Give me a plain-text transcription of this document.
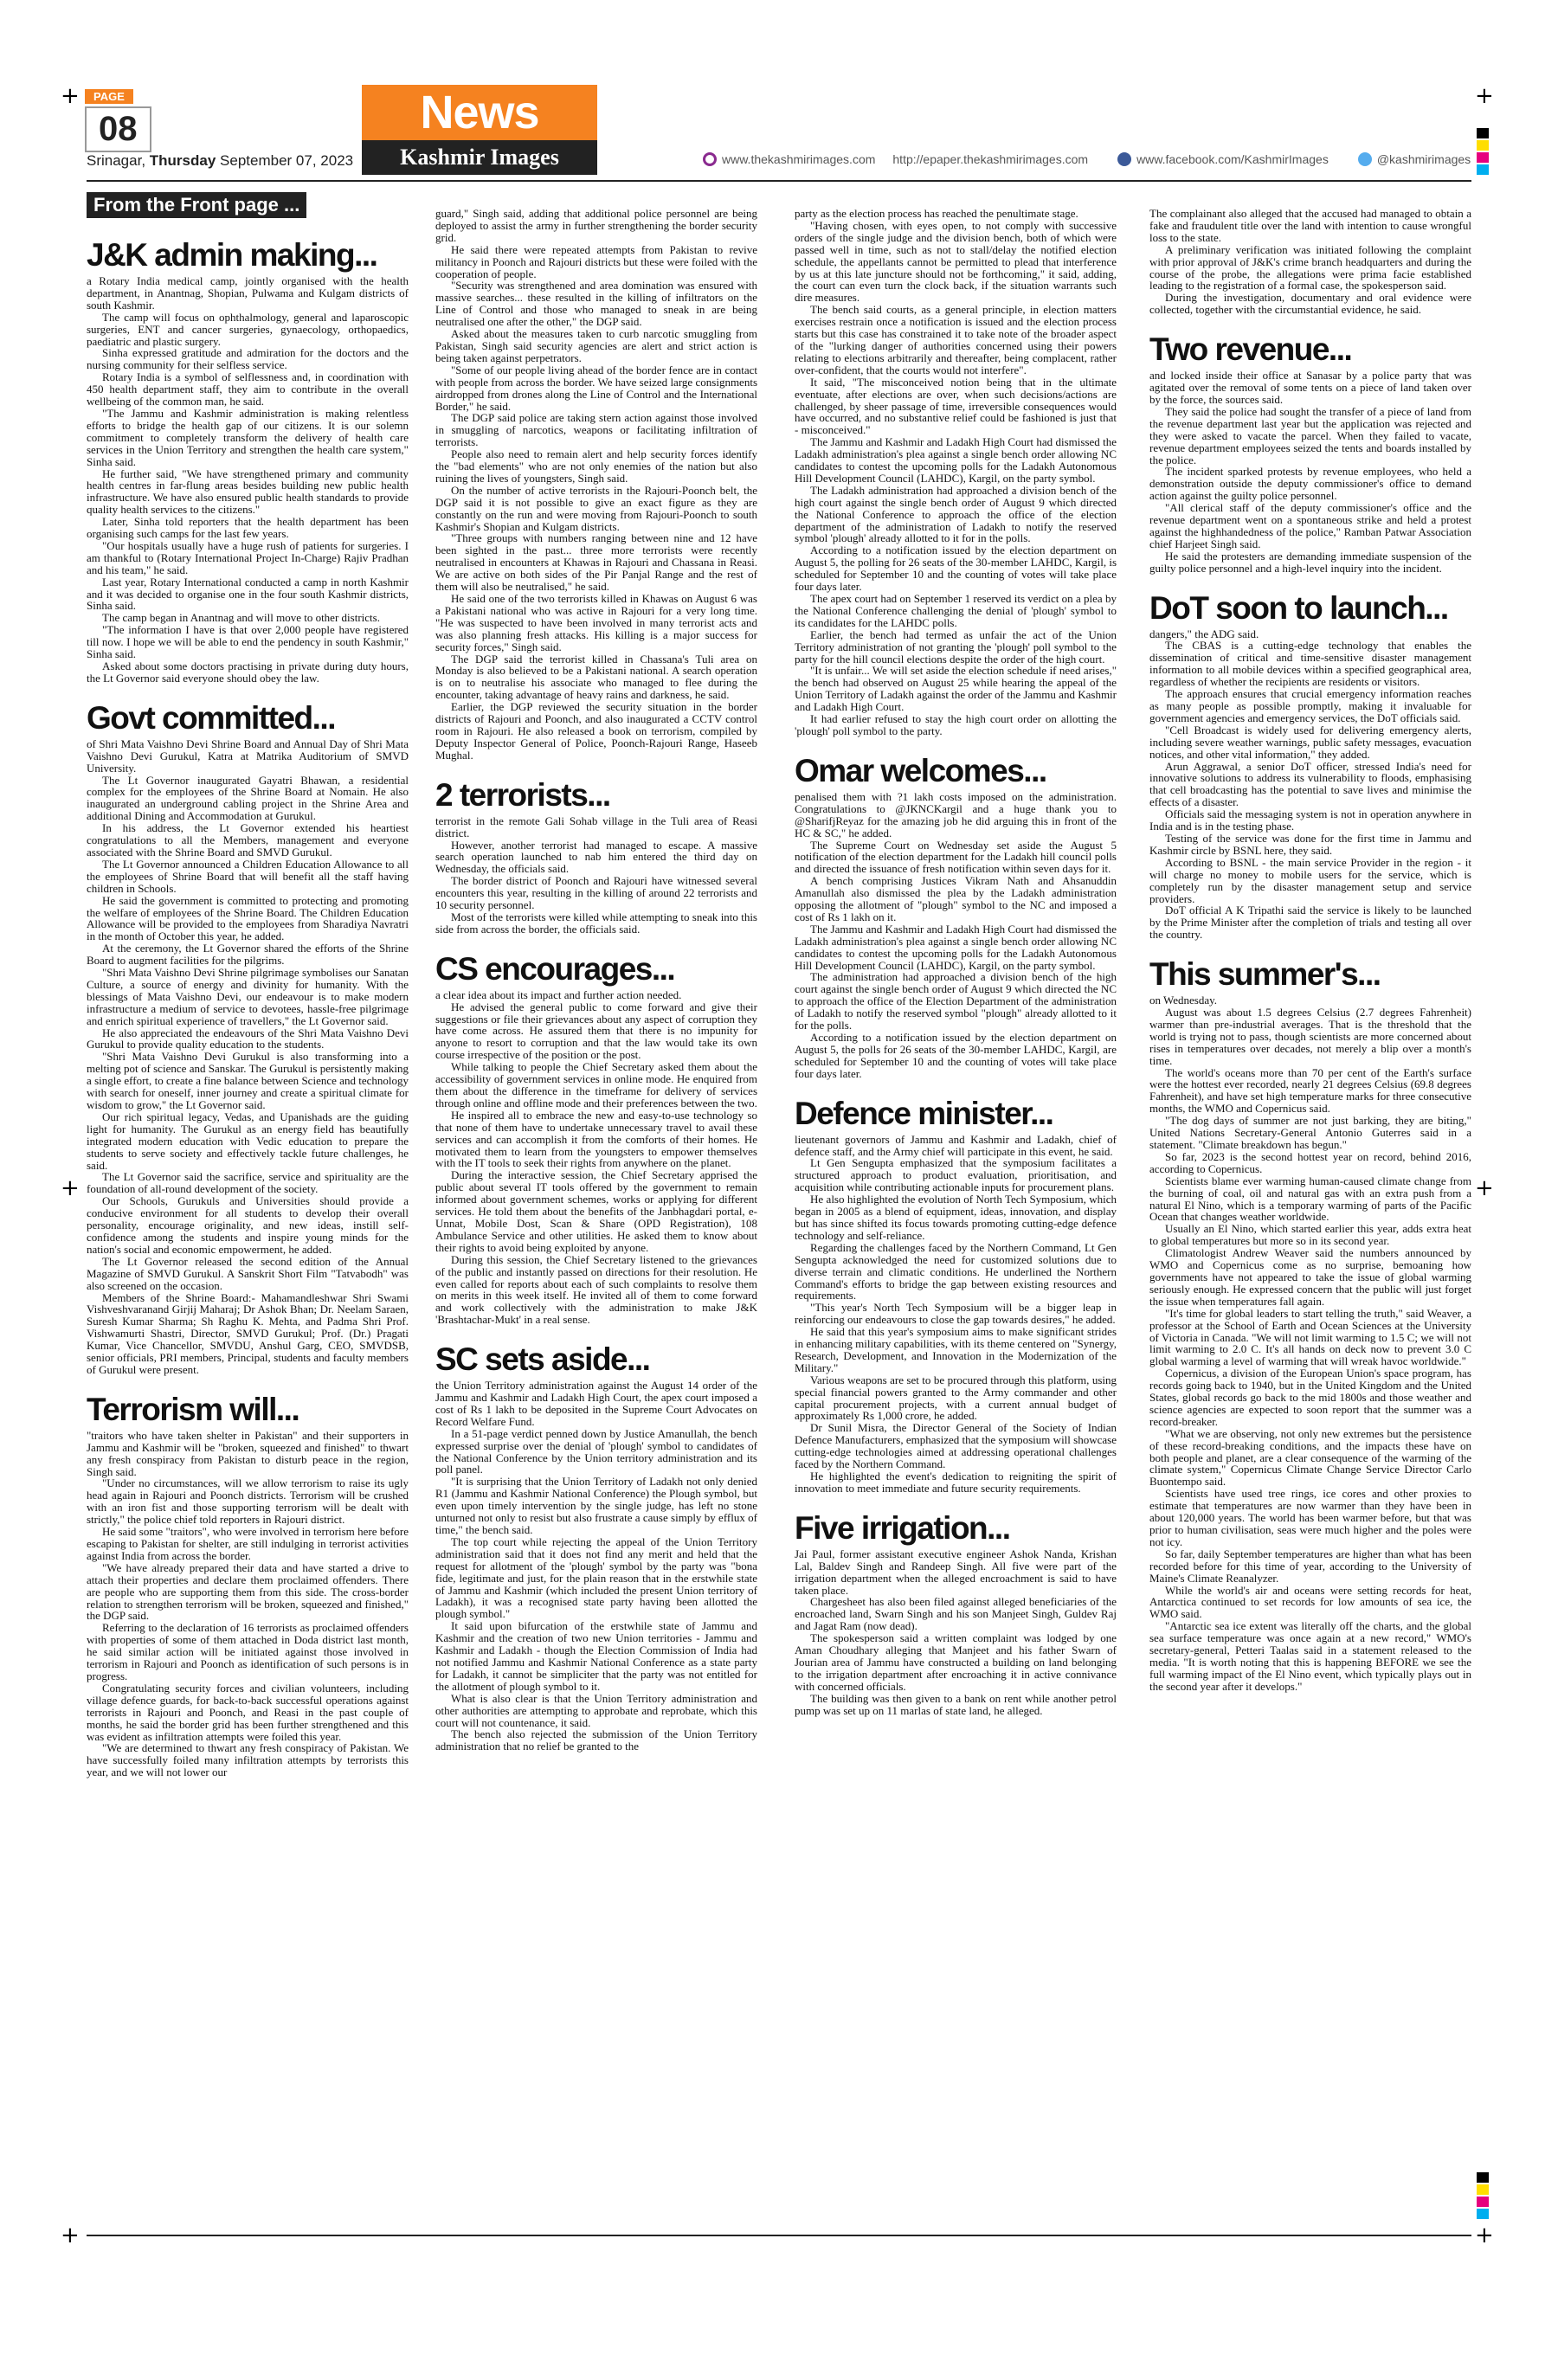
+	+
+	+
+	+
PAGE
08
Srinagar, Thursday September 07, 2023
News
Kashmir Images	www.thekashmirimages.com http://epaper.thekashmirimages.com	www.facebook.com/KashmirImages	@kashmirimages
From the Front page ...
J&K admin making...

a Rotary India medical camp, jointly organised with the health department, in Anantnag, Shopian, Pulwama and Kulgam districts of south Kashmir.

The camp will focus on ophthalmology, general and laparoscopic surgeries, ENT and cancer surgeries, gynaecology, orthopaedics, paediatric and plastic surgery.

Sinha expressed gratitude and admiration for the doctors and the nursing community for their selfless service.

Rotary India is a symbol of selflessness and, in coordination with 450 health department staff, they aim to contribute in the overall wellbeing of the common man, he said.

"The Jammu and Kashmir administration is making relentless efforts to bridge the health gap of our citizens. It is our solemn commitment to completely transform the delivery of health care services in the Union Territory and strengthen the health care system," Sinha said.

He further said, "We have strengthened primary and community health centres in far-flung areas besides building new public health infrastructure. We have also ensured public health standards to provide quality health services to the citizens."

Later, Sinha told reporters that the health department has been organising such camps for the last few years.

"Our hospitals usually have a huge rush of patients for surgeries. I am thankful to (Rotary International Project In-Charge) Rajiv Pradhan and his team," he said.

Last year, Rotary International conducted a camp in north Kashmir and it was decided to organise one in the four south Kashmir districts, Sinha said.

The camp began in Anantnag and will move to other districts.

"The information I have is that over 2,000 people have registered till now. I hope we will be able to end the pendency in south Kashmir," Sinha said.

Asked about some doctors practising in private during duty hours, the Lt Governor said everyone should obey the law.

Govt committed...

of Shri Mata Vaishno Devi Shrine Board and Annual Day of Shri Mata Vaishno Devi Gurukul, Katra at Matrika Auditorium of SMVD University.

The Lt Governor inaugurated Gayatri Bhawan, a residential complex for the employees of the Shrine Board at Nomain. He also inaugurated an underground cabling project in the Shrine Area and additional Dining and Accommodation at Gurukul.

In his address, the Lt Governor extended his heartiest congratulations to all the Members, management and everyone associated with the Shrine Board and SMVD Gurukul.

The Lt Governor announced a Children Education Allowance to all the employees of Shrine Board that will benefit all the staff having children in Schools.

He said the government is committed to protecting and promoting the welfare of employees of the Shrine Board. The Children Education Allowance will be provided to the employees from Sharadiya Navratri in the month of October this year, he added.

At the ceremony, the Lt Governor shared the efforts of the Shrine Board to augment facilities for the pilgrims.

"Shri Mata Vaishno Devi Shrine pilgrimage symbolises our Sanatan Culture, a source of energy and divinity for humanity. With the blessings of Mata Vaishno Devi, our endeavour is to make modern infrastructure a medium of service to devotees, hassle-free pilgrimage and enrich spiritual experience of travellers," the Lt Governor said.

He also appreciated the endeavours of the Shri Mata Vaishno Devi Gurukul to provide quality education to the students.

"Shri Mata Vaishno Devi Gurukul is also transforming into a melting pot of science and Sanskar. The Gurukul is persistently making a single effort, to create a fine balance between Science and technology with search for oneself, inner journey and create a spiritual climate for wisdom to grow," the Lt Governor said.

Our rich spiritual legacy, Vedas, and Upanishads are the guiding light for humanity. The Gurukul as an energy field has beautifully integrated modern education with Vedic education to prepare the students to serve society and effectively tackle future challenges, he said.

The Lt Governor said the sacrifice, service and spirituality are the foundation of all-round development of the society.

Our Schools, Gurukuls and Universities should provide a conducive environment for all students to develop their overall personality, encourage originality, and new ideas, instill self-confidence among the students and inspire young minds for the nation's social and economic empowerment, he added.

The Lt Governor released the second edition of the Annual Magazine of SMVD Gurukul. A Sanskrit Short Film "Tatvabodh" was also screened on the occasion.

Members of the Shrine Board:- Mahamandleshwar Shri Swami Vishveshvaranand Girjij Maharaj; Dr Ashok Bhan; Dr. Neelam Saraen, Suresh Kumar Sharma; Sh Raghu K. Mehta, and Padma Shri Prof. Vishwamurti Shastri, Director, SMVD Gurukul; Prof. (Dr.) Pragati Kumar, Vice Chancellor, SMVDU, Anshul Garg, CEO, SMVDSB, senior officials, PRI members, Principal, students and faculty members of Gurukul were present.

Terrorism will...

"traitors who have taken shelter in Pakistan" and their supporters in Jammu and Kashmir will be "broken, squeezed and finished" to thwart any fresh conspiracy from Pakistan to disturb peace in the region, Singh said.

"Under no circumstances, will we allow terrorism to raise its ugly head again in Rajouri and Poonch districts. Terrorism will be crushed with an iron fist and those supporting terrorism will be dealt with strictly," the police chief told reporters in Rajouri district.

He said some "traitors", who were involved in terrorism here before escaping to Pakistan for shelter, are still indulging in terrorist activities against India from across the border.

"We have already prepared their data and have started a drive to attach their properties and declare them proclaimed offenders. There are people who are supporting them from this side. The cross-border relation to strengthen terrorism will be broken, squeezed and finished," the DGP said.

Referring to the declaration of 16 terrorists as proclaimed offenders with properties of some of them attached in Doda district last month, he said similar action will be initiated against those involved in terrorism in Rajouri and Poonch as identification of such persons is in progress.

Congratulating security forces and civilian volunteers, including village defence guards, for back-to-back successful operations against terrorists in Rajouri and Poonch, and Reasi in the past couple of months, he said the border grid has been further strengthened and this was evident as infiltration attempts were foiled this year.

"We are determined to thwart any fresh conspiracy of Pakistan. We have successfully foiled many infiltration attempts by terrorists this year, and we will not lower our

guard," Singh said, adding that additional police personnel are being deployed to assist the army in further strengthening the border security grid.

He said there were repeated attempts from Pakistan to revive militancy in Poonch and Rajouri districts but these were foiled with the cooperation of people.

"Security was strengthened and area domination was ensured with massive searches... these resulted in the killing of infiltrators on the Line of Control and those who managed to sneak in are being neutralised one after the other," the DGP said.

Asked about the measures taken to curb narcotic smuggling from Pakistan, Singh said security agencies are alert and strict action is being taken against perpetrators.

"Some of our people living ahead of the border fence are in contact with people from across the border. We have seized large consignments airdropped from drones along the Line of Control and the International Border," he said.

The DGP said police are taking stern action against those involved in smuggling of narcotics, weapons or facilitating infiltration of terrorists.

People also need to remain alert and help security forces identify the "bad elements" who are not only enemies of the nation but also ruining the lives of youngsters, Singh said.

On the number of active terrorists in the Rajouri-Poonch belt, the DGP said it is not possible to give an exact figure as they are constantly on the run and were moving from Rajouri-Poonch to south Kashmir's Shopian and Kulgam districts.

"Three groups with numbers ranging between nine and 12 have been sighted in the past... three more terrorists were recently neutralised in encounters at Khawas in Rajouri and Chassana in Reasi. We are active on both sides of the Pir Panjal Range and the rest of them will also be neutralised," he said.

He said one of the two terrorists killed in Khawas on August 6 was a Pakistani national who was active in Rajouri for a very long time. "He was suspected to have been involved in many terrorist acts and was also planning fresh attacks. His killing is a major success for security forces," Singh said.

The DGP said the terrorist killed in Chassana's Tuli area on Monday is also believed to be a Pakistani national. A search operation is on to neutralise his associate who managed to flee during the encounter, taking advantage of heavy rains and darkness, he said.

Earlier, the DGP reviewed the security situation in the border districts of Rajouri and Poonch, and also inaugurated a CCTV control room in Rajouri. He also released a book on terrorism, compiled by Deputy Inspector General of Police, Poonch-Rajouri Range, Haseeb Mughal.

2 terrorists...

terrorist in the remote Gali Sohab village in the Tuli area of Reasi district.

However, another terrorist had managed to escape. A massive search operation launched to nab him entered the third day on Wednesday, the officials said.

The border district of Poonch and Rajouri have witnessed several encounters this year, resulting in the killing of around 22 terrorists and 10 security personnel.

Most of the terrorists were killed while attempting to sneak into this side from across the border, the officials said.

CS encourages...

a clear idea about its impact and further action needed.

He advised the general public to come forward and give their suggestions or file their grievances about any aspect of corruption they have come across. He assured them that there is no impunity for anyone to resort to corruption and that the law would take its own course irrespective of the position or the post.

While talking to people the Chief Secretary asked them about the accessibility of government services in online mode. He enquired from them about the difference in the timeframe for delivery of services through online and offline mode and their preferences between the two.

He inspired all to embrace the new and easy-to-use technology so that none of them have to undertake unnecessary travel to avail these services and can accomplish it from the comforts of their homes. He motivated them to learn from the youngsters to empower themselves with the IT tools to seek their rights from anywhere on the planet.

During the interactive session, the Chief Secretary apprised the public about several IT tools offered by the government to remain informed about government schemes, works or applying for different services. He told them about the benefits of the Janbhagdari portal, e-Unnat, Mobile Dost, Scan & Share (OPD Registration), 108 Ambulance Service and other utilities. He asked them to know about their rights to avoid being exploited by anyone.

During this session, the Chief Secretary listened to the grievances of the public and instantly passed on directions for their resolution. He even called for reports about each of such complaints to resolve them on merits in this week itself. He invited all of them to come forward and work collectively with the administration to make J&K 'Brashtachar-Mukt' in a real sense.

SC sets aside...

the Union Territory administration against the August 14 order of the Jammu and Kashmir and Ladakh High Court, the apex court imposed a cost of Rs 1 lakh to be deposited in the Supreme Court Advocates on Record Welfare Fund.

In a 51-page verdict penned down by Justice Amanullah, the bench expressed surprise over the denial of 'plough' symbol to candidates of the National Conference by the Union territory administration and its poll panel.

"It is surprising that the Union Territory of Ladakh not only denied R1 (Jammu and Kashmir National Conference) the Plough symbol, but even upon timely intervention by the single judge, has left no stone unturned not only to resist but also frustrate a cause simply by efflux of time," the bench said.

The top court while rejecting the appeal of the Union Territory administration said that it does not find any merit and held that the request for allotment of the 'plough' symbol by the party was "bona fide, legitimate and just, for the plain reason that in the erstwhile state of Jammu and Kashmir (which included the present Union territory of Ladakh), it was a recognised state party having been allotted the plough symbol."

It said upon bifurcation of the erstwhile state of Jammu and Kashmir and the creation of two new Union territories - Jammu and Kashmir and Ladakh - though the Election Commission of India had not notified Jammu and Kashmir National Conference as a state party for Ladakh, it cannot be simpliciter that the party was not entitled for the allotment of plough symbol to it.

What is also clear is that the Union Territory administration and other authorities are attempting to approbate and reprobate, which this court will not countenance, it said.

The bench also rejected the submission of the Union Territory administration that no relief be granted to the

party as the election process has reached the penultimate stage.

"Having chosen, with eyes open, to not comply with successive orders of the single judge and the division bench, both of which were passed well in time, such as not to stall/delay the notified election schedule, the appellants cannot be permitted to plead that interference by us at this late juncture should not be forthcoming," it said, adding, the court can even turn the clock back, if the situation warrants such dire measures.

The bench said courts, as a general principle, in election matters exercises restrain once a notification is issued and the election process starts but this case has constrained it to take note of the broader aspect of the "lurking danger of authorities concerned using their powers relating to elections arbitrarily and thereafter, being complacent, rather over-confident, that the courts would not interfere".

It said, "The misconceived notion being that in the ultimate eventuate, after elections are over, when such decisions/actions are challenged, by sheer passage of time, irreversible consequences would have occurred, and no substantive relief could be fashioned is just that - misconceived."

The Jammu and Kashmir and Ladakh High Court had dismissed the Ladakh administration's plea against a single bench order allowing NC candidates to contest the upcoming polls for the Ladakh Autonomous Hill Development Council (LAHDC), Kargil, on the party symbol.

The Ladakh administration had approached a division bench of the high court against the single bench order of August 9 which directed the National Conference to approach the office of the election department of the administration of Ladakh to notify the reserved symbol 'plough' already allotted to it for in the polls.

According to a notification issued by the election department on August 5, the polling for 26 seats of the 30-member LAHDC, Kargil, is scheduled for September 10 and the counting of votes will take place four days later.

The apex court had on September 1 reserved its verdict on a plea by the National Conference challenging the denial of 'plough' symbol to its candidates for the LAHDC polls.

Earlier, the bench had termed as unfair the act of the Union Territory administration of not granting the 'plough' poll symbol to the party for the hill council elections despite the order of the high court.

"It is unfair... We will set aside the election schedule if need arises," the bench had observed on August 25 while hearing the appeal of the Union Territory of Ladakh against the order of the Jammu and Kashmir and Ladakh High Court.

It had earlier refused to stay the high court order on allotting the 'plough' poll symbol to the party.

Omar welcomes...

penalised them with ?1 lakh costs imposed on the administration. Congratulations to @JKNCKargil and a huge thank you to @SharifjReyaz for the amazing job he did arguing this in front of the HC & SC," he added.

The Supreme Court on Wednesday set aside the August 5 notification of the election department for the Ladakh hill council polls and directed the issuance of fresh notification within seven days for it.

A bench comprising Justices Vikram Nath and Ahsanuddin Amanullah also dismissed the plea by the Ladakh administration opposing the allotment of "plough" symbol to the NC and imposed a cost of Rs 1 lakh on it.

The Jammu and Kashmir and Ladakh High Court had dismissed the Ladakh administration's plea against a single bench order allowing NC candidates to contest the upcoming polls for the Ladakh Autonomous Hill Development Council (LAHDC), Kargil, on the party symbol.

The administration had approached a division bench of the high court against the single bench order of August 9 which directed the NC to approach the office of the Election Department of the administration of Ladakh to notify the reserved symbol "plough" already allotted to it for the polls.

According to a notification issued by the election department on August 5, the polls for 26 seats of the 30-member LAHDC, Kargil, are scheduled for September 10 and the counting of votes will take place four days later.

Defence minister...

lieutenant governors of Jammu and Kashmir and Ladakh, chief of defence staff, and the Army chief will participate in this event, he said.

Lt Gen Sengupta emphasized that the symposium facilitates a structured approach to product evaluation, prioritisation, and acquisition while contributing actionable inputs for procurement plans.

He also highlighted the evolution of North Tech Symposium, which began in 2005 as a blend of equipment, ideas, innovation, and display but has since shifted its focus towards promoting cutting-edge defence technology and self-reliance.

Regarding the challenges faced by the Northern Command, Lt Gen Sengupta acknowledged the need for customized solutions due to diverse terrain and climatic conditions. He underlined the Northern Command's efforts to bridge the gap between existing resources and requirements.

"This year's North Tech Symposium will be a bigger leap in reinforcing our endeavours to close the gap towards desires," he added.

He said that this year's symposium aims to make significant strides in enhancing military capabilities, with its theme centered on "Synergy, Research, Development, and Innovation in the Modernization of the Military."

Various weapons are set to be procured through this platform, using special financial powers granted to the Army commander and other capital procurement projects, with a current annual budget of approximately Rs 1,000 crore, he added.

Dr Sunil Misra, the Director General of the Society of Indian Defence Manufacturers, emphasized that the symposium will showcase cutting-edge technologies aimed at addressing operational challenges faced by the Northern Command.

He highlighted the event's dedication to reigniting the spirit of innovation to meet immediate and future security requirements.

Five irrigation...

Jai Paul, former assistant executive engineer Ashok Nanda, Krishan Lal, Baldev Singh and Randeep Singh. All five were part of the irrigation department when the alleged encroachment is said to have taken place.

Chargesheet has also been filed against alleged beneficiaries of the encroached land, Swarn Singh and his son Manjeet Singh, Guldev Raj and Jagat Ram (now dead).

The spokesperson said a written complaint was lodged by one Aman Choudhary alleging that Manjeet and his father Swarn of Jourian area of Jammu have constructed a building on land belonging to the irrigation department after encroaching it in active connivance with concerned officials.

The building was then given to a bank on rent while another petrol pump was set up on 11 marlas of state land, he alleged.

The complainant also alleged that the accused had managed to obtain a fake and fraudulent title over the land with intention to cause wrongful loss to the state.

A preliminary verification was initiated following the complaint with prior approval of J&K's crime branch headquarters and during the course of the probe, the allegations were prima facie established leading to the registration of a formal case, the spokesperson said.

During the investigation, documentary and oral evidence were collected, together with the circumstantial evidence, he said.

Two revenue...

and locked inside their office at Sanasar by a police party that was agitated over the removal of some tents on a piece of land taken over by the force, the sources said.

They said the police had sought the transfer of a piece of land from the revenue department last year but the application was rejected and they were asked to vacate the parcel. When they failed to vacate, revenue department employees seized the tents and boards installed by the police.

The incident sparked protests by revenue employees, who held a demonstration outside the deputy commissioner's office to demand action against the guilty police personnel.

"All clerical staff of the deputy commissioner's office and the revenue department went on a spontaneous strike and held a protest against the highhandedness of the police," Ramban Patwar Association chief Harjeet Singh said.

He said the protesters are demanding immediate suspension of the guilty police personnel and a high-level inquiry into the incident.

DoT soon to launch...

dangers," the ADG said.

The CBAS is a cutting-edge technology that enables the dissemination of critical and time-sensitive disaster management information to all mobile devices within a specified geographical area, regardless of whether the recipients are residents or visitors.

The approach ensures that crucial emergency information reaches as many people as possible promptly, making it invaluable for government agencies and emergency services, the DoT officials said.

"Cell Broadcast is widely used for delivering emergency alerts, including severe weather warnings, public safety messages, evacuation notices, and other vital information," they added.

Arun Aggrawal, a senior DoT officer, stressed India's need for innovative solutions to address its vulnerability to floods, emphasising that cell broadcasting has the potential to save lives and minimise the effects of a disaster.

Officials said the messaging system is not in operation anywhere in India and is in the testing phase.

Testing of the service was done for the first time in Jammu and Kashmir circle by BSNL here, they said.

According to BSNL - the main service Provider in the region - it will charge no money to mobile users for the service, which is completely run by the disaster management setup and service providers.

DoT official A K Tripathi said the service is likely to be launched by the Prime Minister after the completion of trials and testing all over the country.

This summer's...

on Wednesday.

August was about 1.5 degrees Celsius (2.7 degrees Fahrenheit) warmer than pre-industrial averages. That is the threshold that the world is trying not to pass, though scientists are more concerned about rises in temperatures over decades, not merely a blip over a month's time.

The world's oceans more than 70 per cent of the Earth's surface were the hottest ever recorded, nearly 21 degrees Celsius (69.8 degrees Fahrenheit), and have set high temperature marks for three consecutive months, the WMO and Copernicus said.

"The dog days of summer are not just barking, they are biting," United Nations Secretary-General Antonio Guterres said in a statement. "Climate breakdown has begun."

So far, 2023 is the second hottest year on record, behind 2016, according to Copernicus.

Scientists blame ever warming human-caused climate change from the burning of coal, oil and natural gas with an extra push from a natural El Nino, which is a temporary warming of parts of the Pacific Ocean that changes weather worldwide.

Usually an El Nino, which started earlier this year, adds extra heat to global temperatures but more so in its second year.

Climatologist Andrew Weaver said the numbers announced by WMO and Copernicus come as no surprise, bemoaning how governments have not appeared to take the issue of global warming seriously enough. He expressed concern that the public will just forget the issue when temperatures fall again.

"It's time for global leaders to start telling the truth," said Weaver, a professor at the School of Earth and Ocean Sciences at the University of Victoria in Canada. "We will not limit warming to 1.5 C; we will not limit warming to 2.0 C. It's all hands on deck now to prevent 3.0 C global warming a level of warming that will wreak havoc worldwide."

Copernicus, a division of the European Union's space program, has records going back to 1940, but in the United Kingdom and the United States, global records go back to the mid 1800s and those weather and science agencies are expected to soon report that the summer was a record-breaker.

"What we are observing, not only new extremes but the persistence of these record-breaking conditions, and the impacts these have on both people and planet, are a clear consequence of the warming of the climate system," Copernicus Climate Change Service Director Carlo Buontempo said.

Scientists have used tree rings, ice cores and other proxies to estimate that temperatures are now warmer than they have been in about 120,000 years. The world has been warmer before, but that was prior to human civilisation, seas were much higher and the poles were not icy.

So far, daily September temperatures are higher than what has been recorded before for this time of year, according to the University of Maine's Climate Reanalyzer.

While the world's air and oceans were setting records for heat, Antarctica continued to set records for low amounts of sea ice, the WMO said.

"Antarctic sea ice extent was literally off the charts, and the global sea surface temperature was once again at a new record," WMO's secretary-general, Petteri Taalas said in a statement released to the media. "It is worth noting that this is happening BEFORE we see the full warming impact of the El Nino event, which typically plays out in the second year after it develops."
